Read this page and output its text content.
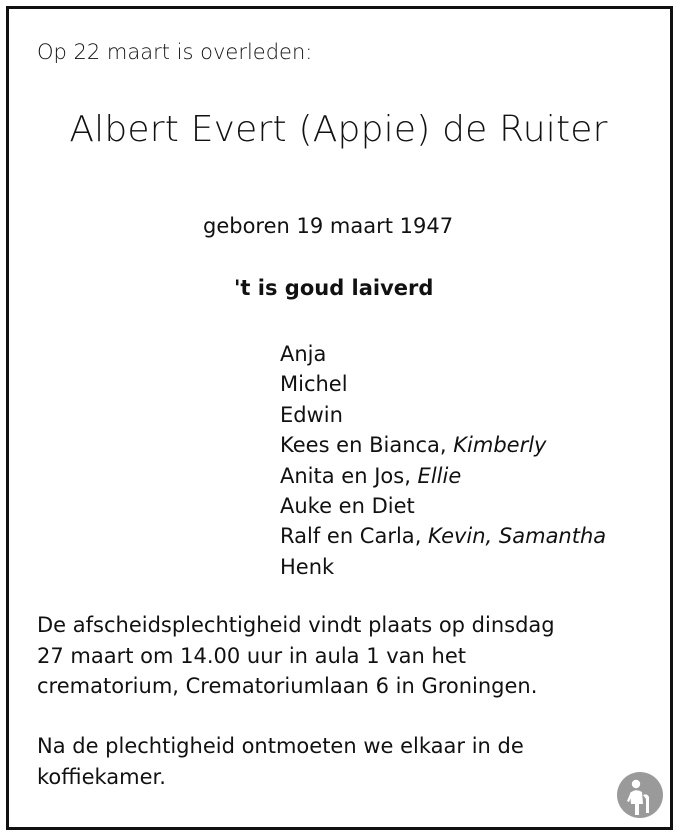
Op 22 maart is overleden:
Albert Evert (Appie) de Ruiter
geboren 19 maart 1947
't is goud laiverd
Anja
Michel
Edwin
Kees en Bianca, Kimberly
Anita en Jos, Ellie
Auke en Diet
Ralf en Carla, Kevin, Samantha
Henk
De afscheidsplechtigheid vindt plaats op dinsdag
27 maart om 14.00 uur in aula 1 van het
crematorium, Crematoriumlaan 6 in Groningen.
Na de plechtigheid ontmoeten we elkaar in de
koffiekamer.
